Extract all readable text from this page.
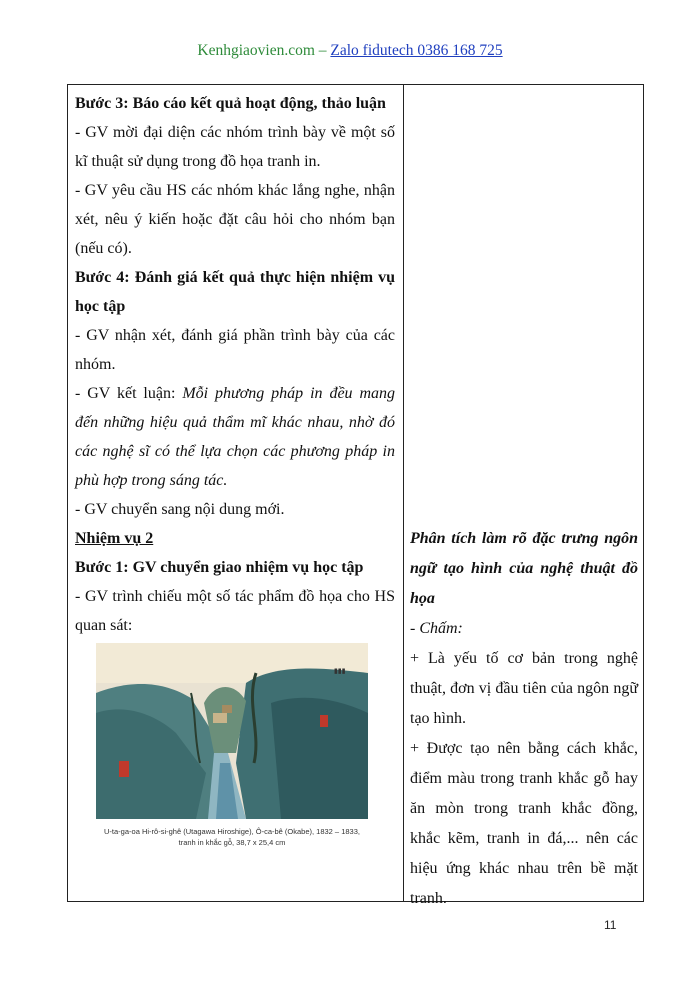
Kenhgiaovien.com – Zalo fidutech 0386 168 725

Bước 3: Báo cáo kết quả hoạt động, thảo luận

- GV mời đại diện các nhóm trình bày về một số kĩ thuật sử dụng trong đồ họa tranh in.

- GV yêu cầu HS các nhóm khác lắng nghe, nhận xét, nêu ý kiến hoặc đặt câu hỏi cho nhóm bạn (nếu có).

Bước 4: Đánh giá kết quả thực hiện nhiệm vụ học tập

- GV nhận xét, đánh giá phần trình bày của các nhóm.

- GV kết luận: Mỗi phương pháp in đều mang đến những hiệu quả thẩm mĩ khác nhau, nhờ đó các nghệ sĩ có thể lựa chọn các phương pháp in phù hợp trong sáng tác.

- GV chuyển sang nội dung mới.

Nhiệm vụ 2

Bước 1: GV chuyển giao nhiệm vụ học tập

- GV trình chiếu một số tác phẩm đồ họa cho HS quan sát:

▮▮▮
U-ta-ga-oa Hi-rô-si-ghê (Utagawa Hiroshige), Ô-ca-bê (Okabe), 1832 – 1833,
tranh in khắc gỗ, 38,7 x 25,4 cm

Phân tích làm rõ đặc trưng ngôn ngữ tạo hình của nghệ thuật đồ họa

- Chấm:

+ Là yếu tố cơ bản trong nghệ thuật, đơn vị đầu tiên của ngôn ngữ tạo hình.

+ Được tạo nên bằng cách khắc, điểm màu trong tranh khắc gỗ hay ăn mòn trong tranh khắc đồng, khắc kẽm, tranh in đá,... nên các hiệu ứng khác nhau trên bề mặt tranh.

11
